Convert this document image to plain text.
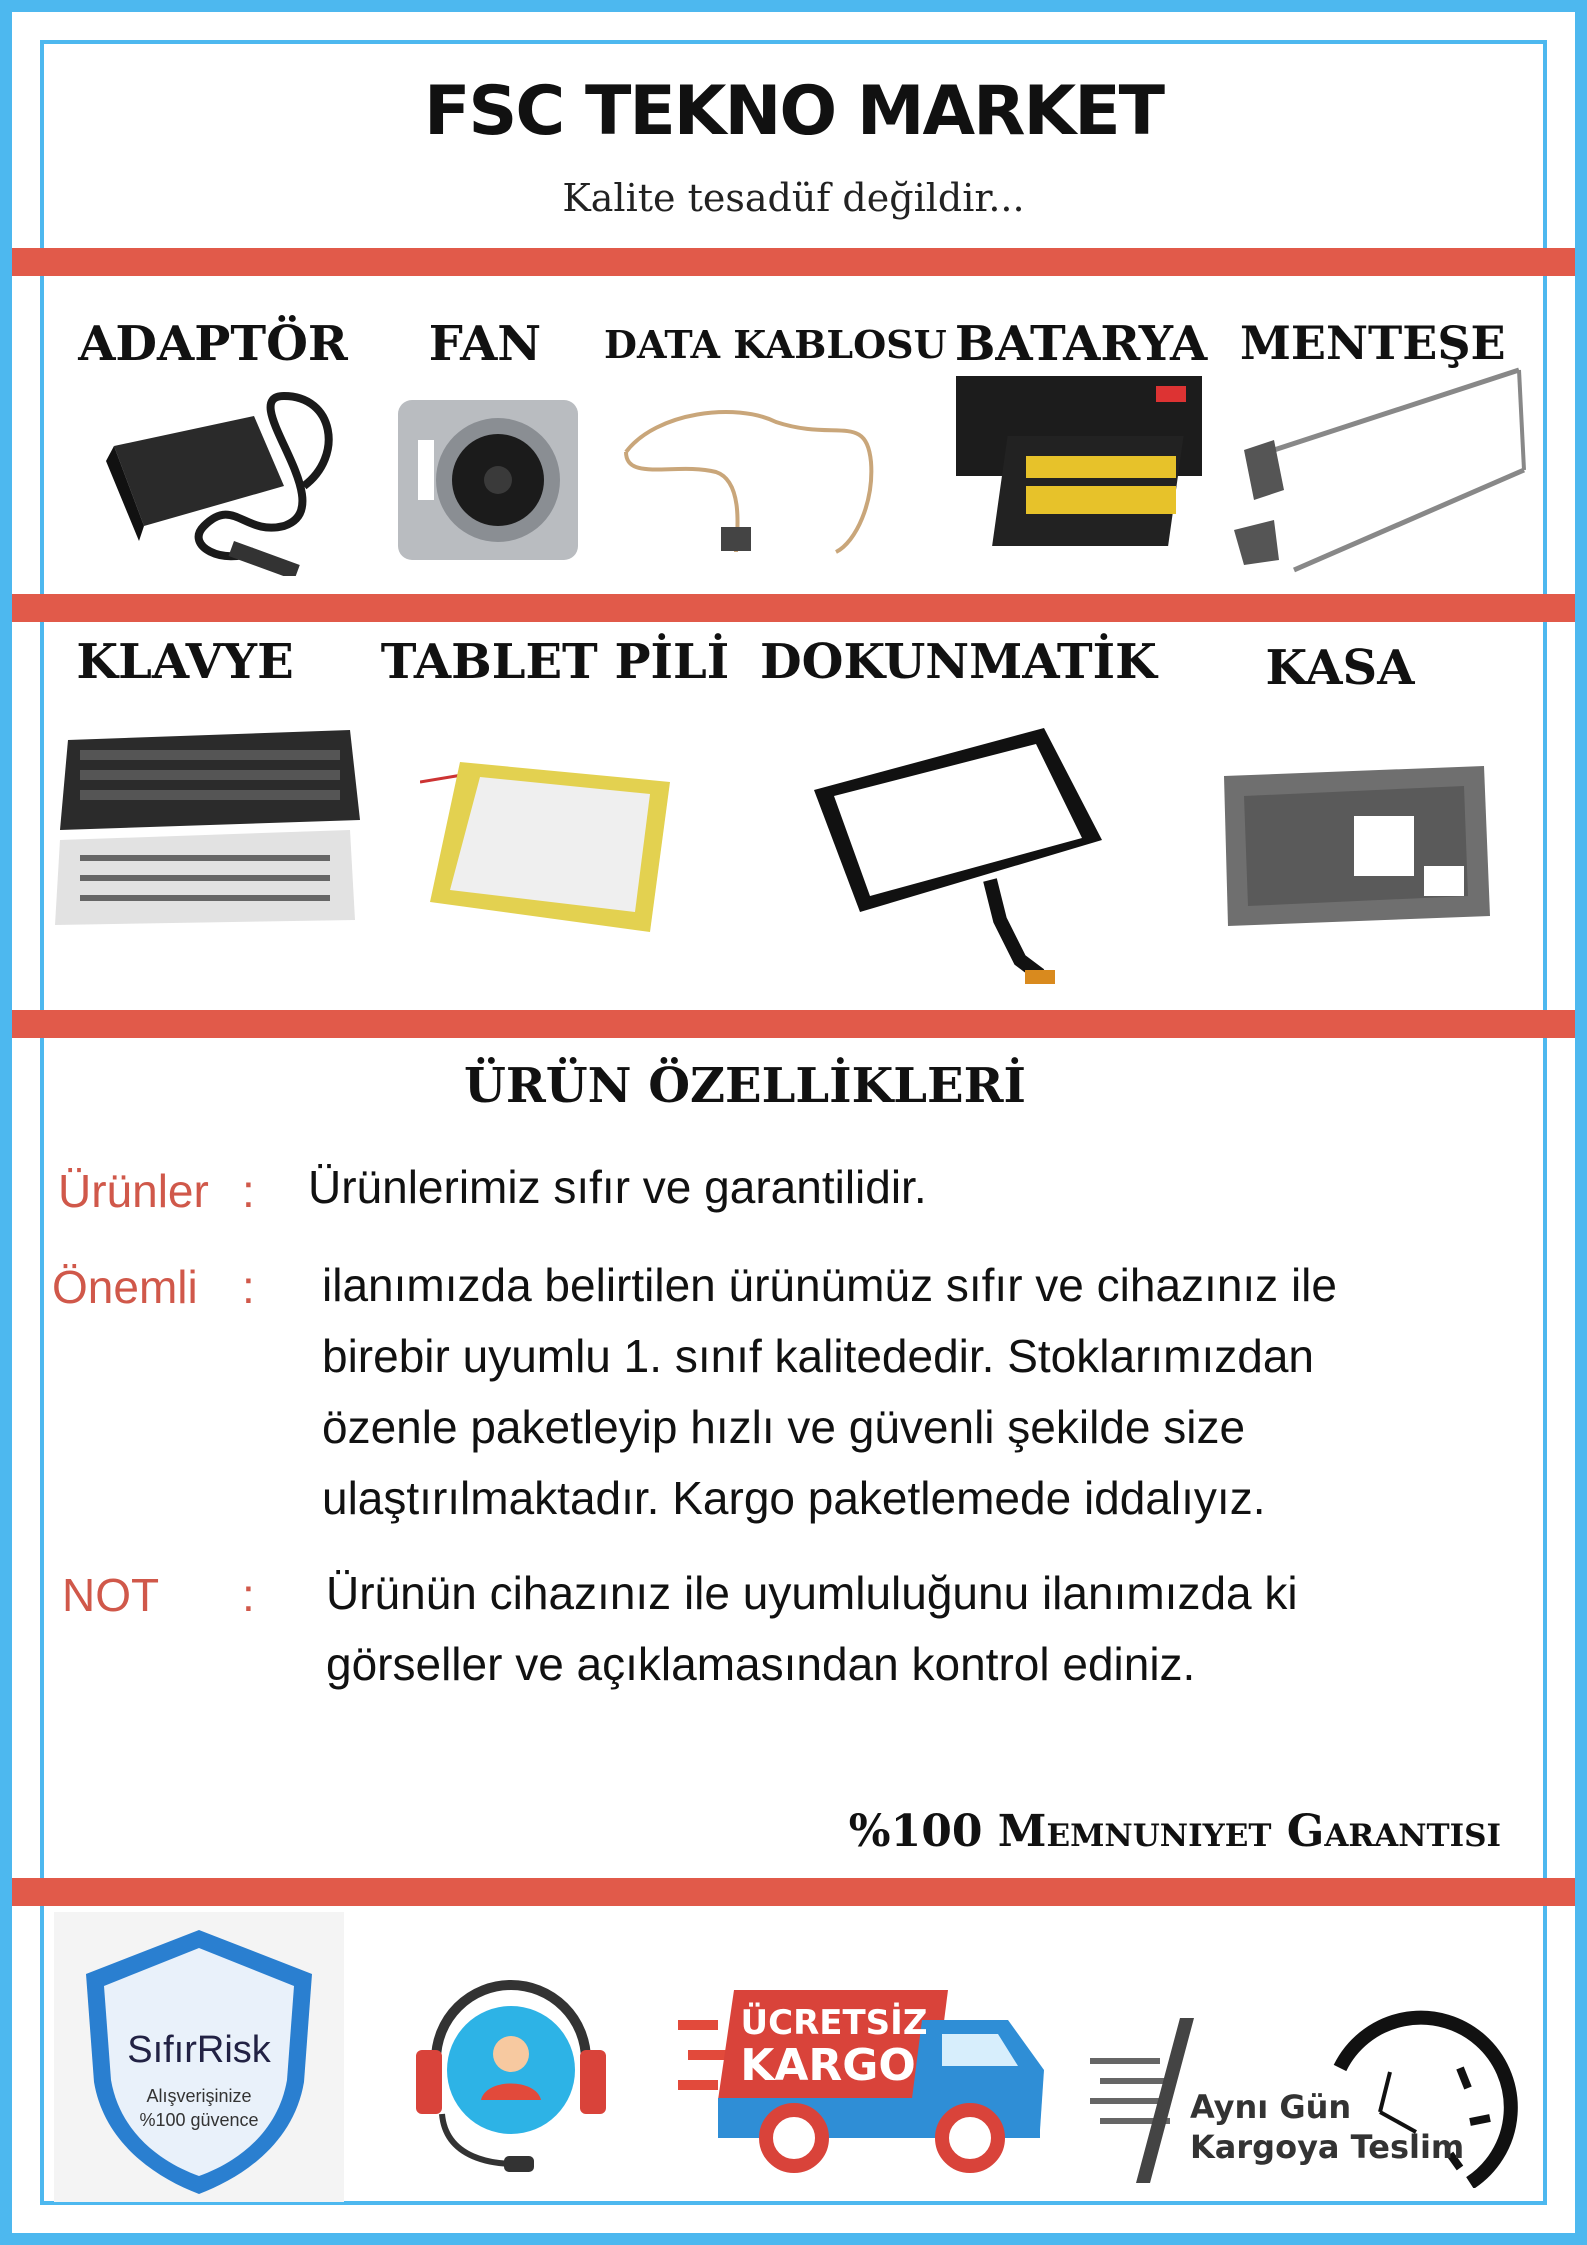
FSC TEKNO MARKET
Kalite tesadüf değildir...
ADAPTÖR	FAN	DATA KABLOSU BATARYA MENTEŞE
KLAVYE	TABLET PİLİ DOKUNMATİK	KASA
ÜRÜN ÖZELLİKLERİ
Ürünler : Ürünlerimiz sıfır ve garantilidir.
Önemli : ilanımızda belirtilen ürünümüz sıfır ve cihazınız ile
birebir uyumlu 1. sınıf kalitededir. Stoklarımızdan
özenle paketleyip hızlı ve güvenli şekilde size
ulaştırılmaktadır. Kargo paketlemede iddalıyız.
NOT : Ürünün cihazınız ile uyumluluğunu ilanımızda ki
görseller ve açıklamasından kontrol ediniz.
%100 Memnuniyet Garantisi
SıfırRisk
Alışverişinize
%100 güvence
ÜCRETSİZ
KARGO
Aynı Gün
Kargoya Teslim
